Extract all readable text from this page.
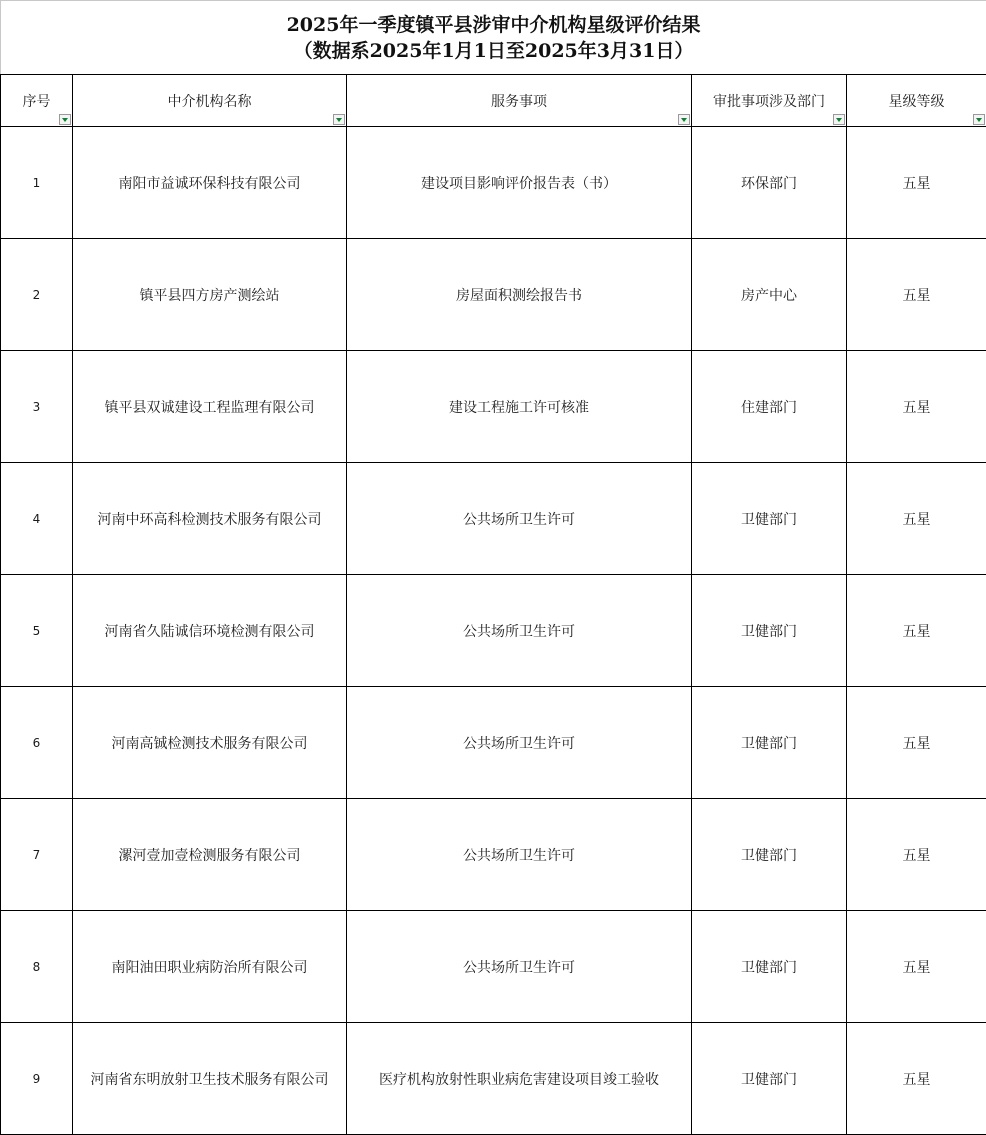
2025年一季度镇平县涉审中介机构星级评价结果
（数据系2025年1月1日至2025年3月31日）				

序号	中介机构名称	服务事项	审批事项涉及部门	星级等级

1	南阳市益诚环保科技有限公司	建设项目影响评价报告表（书）	环保部门	五星
2	镇平县四方房产测绘站	房屋面积测绘报告书	房产中心	五星
3	镇平县双诚建设工程监理有限公司	建设工程施工许可核准	住建部门	五星
4	河南中环高科检测技术服务有限公司	公共场所卫生许可	卫健部门	五星
5	河南省久陆诚信环境检测有限公司	公共场所卫生许可	卫健部门	五星
6	河南高铖检测技术服务有限公司	公共场所卫生许可	卫健部门	五星
7	漯河壹加壹检测服务有限公司	公共场所卫生许可	卫健部门	五星
8	南阳油田职业病防治所有限公司	公共场所卫生许可	卫健部门	五星
9	河南省东明放射卫生技术服务有限公司	医疗机构放射性职业病危害建设项目竣工验收	卫健部门	五星
